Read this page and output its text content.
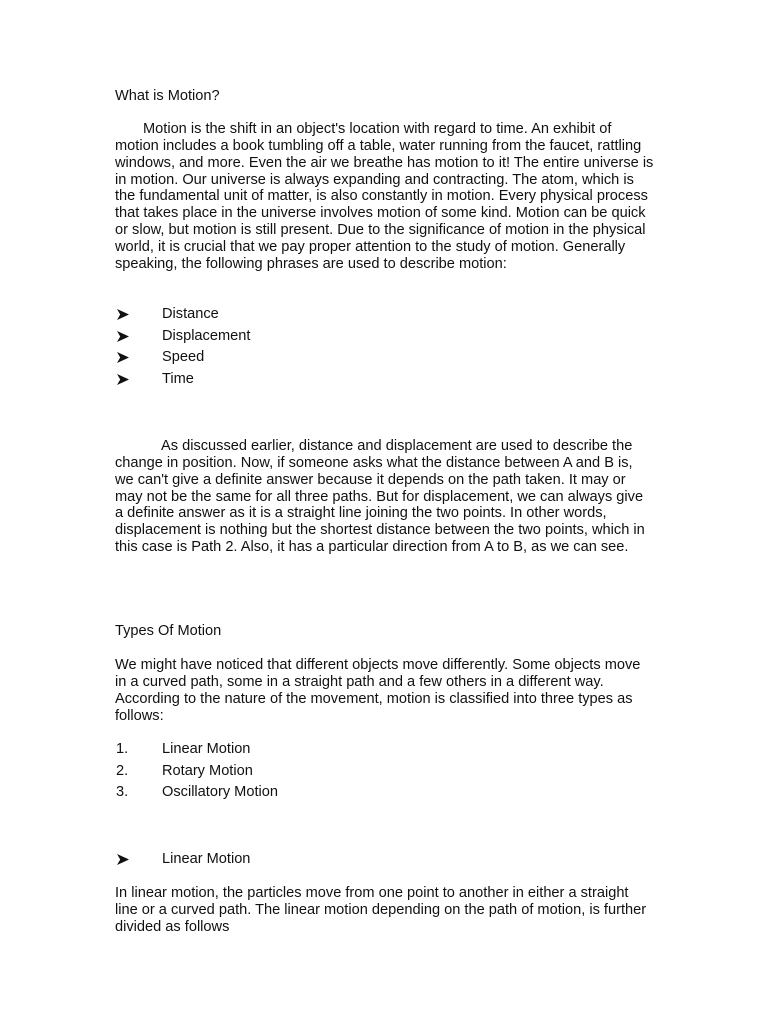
What is Motion?

Motion is the shift in an object's location with regard to time. An exhibit of motion includes a book tumbling off a table, water running from the faucet, rattling windows, and more. Even the air we breathe has motion to it! The entire universe is in motion. Our universe is always expanding and contracting. The atom, which is the fundamental unit of matter, is also constantly in motion. Every physical process that takes place in the universe involves motion of some kind. Motion can be quick or slow, but motion is still present. Due to the significance of motion in the physical world, it is crucial that we pay proper attention to the study of motion. Generally speaking, the following phrases are used to describe motion:

Distance
Displacement
Speed
Time

As discussed earlier, distance and displacement are used to describe the change in position. Now, if someone asks what the distance between A and B is, we can't give a definite answer because it depends on the path taken. It may or may not be the same for all three paths. But for displacement, we can always give a definite answer as it is a straight line joining the two points. In other words, displacement is nothing but the shortest distance between the two points, which in this case is Path 2. Also, it has a particular direction from A to B, as we can see.

Types Of Motion

We might have noticed that different objects move differently. Some objects move in a curved path, some in a straight path and a few others in a different way. According to the nature of the movement, motion is classified into three types as follows:

1. Linear Motion
2. Rotary Motion
3. Oscillatory Motion
Linear Motion

In linear motion, the particles move from one point to another in either a straight line or a curved path. The linear motion depending on the path of motion, is further divided as follows
